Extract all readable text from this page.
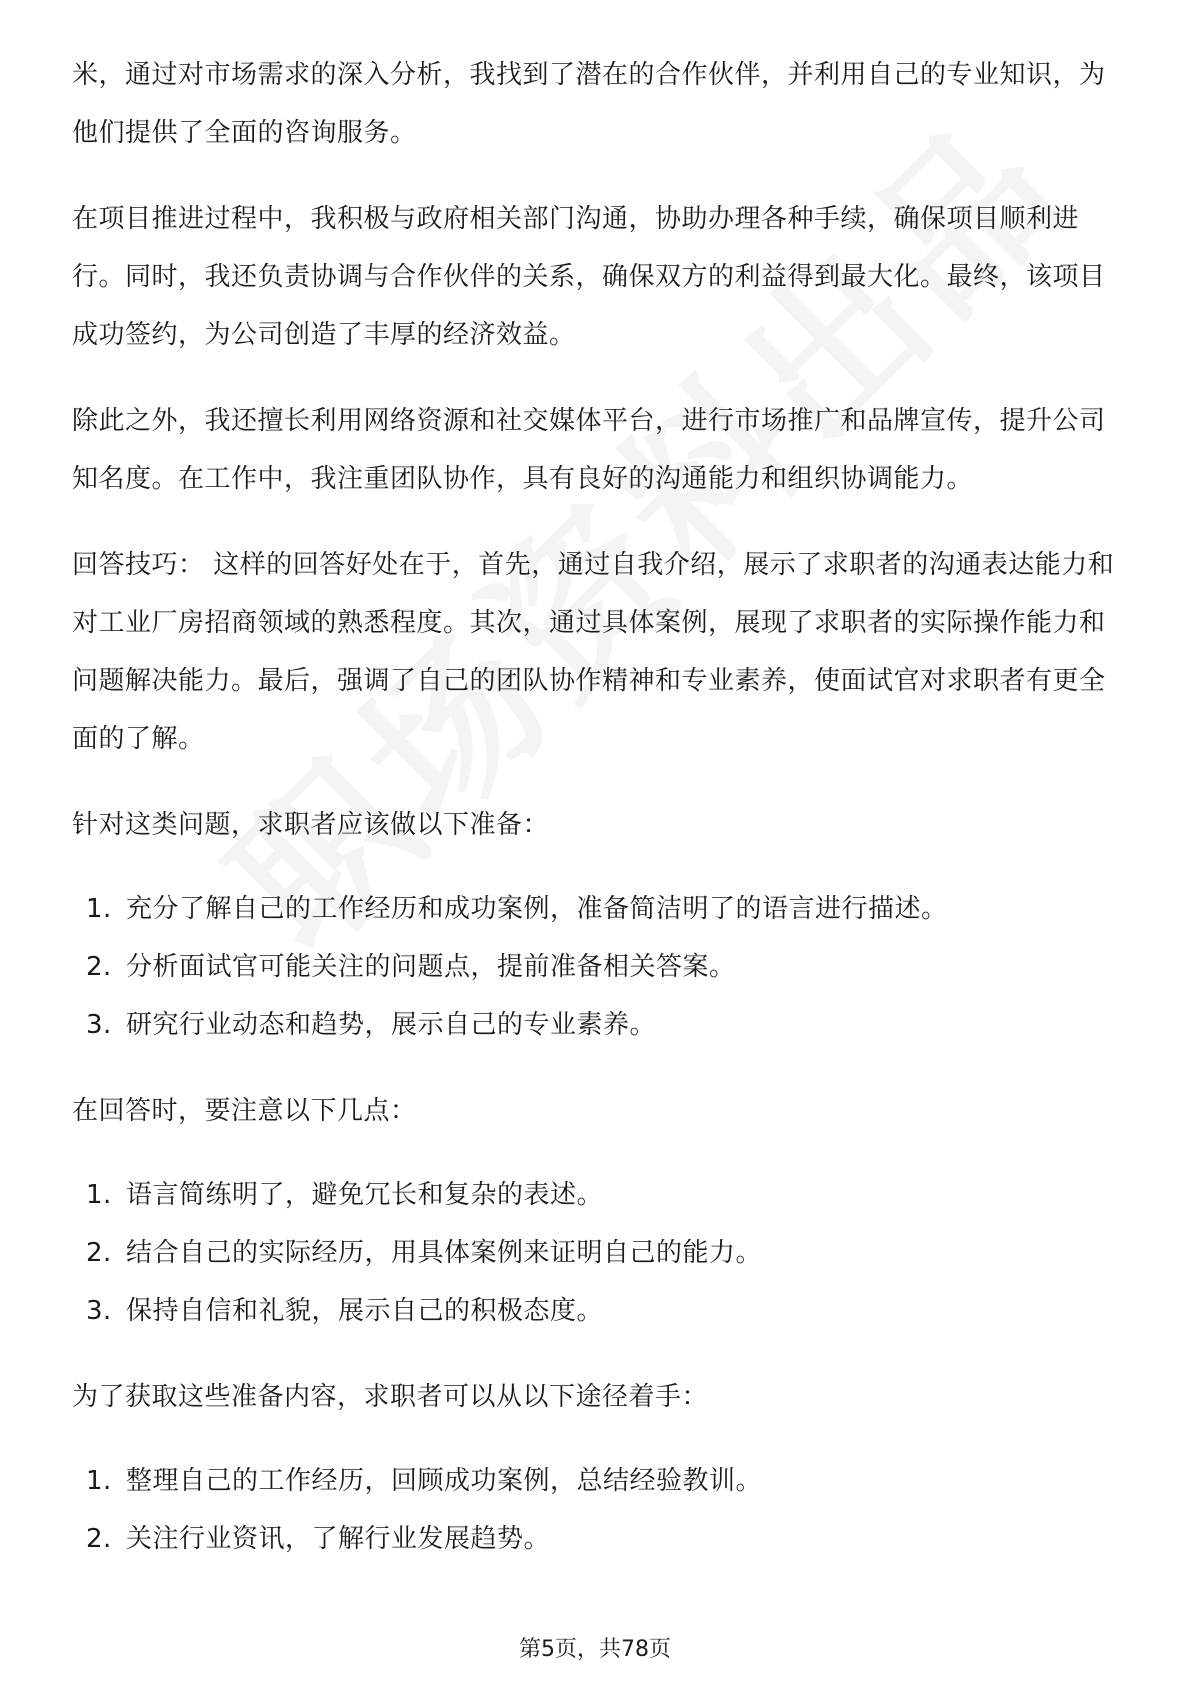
米，通过对市场需求的深入分析，我找到了潜在的合作伙伴，并利用自己的专业知识，为他们提供了全面的咨询服务。

在项目推进过程中，我积极与政府相关部门沟通，协助办理各种手续，确保项目顺利进行。同时，我还负责协调与合作伙伴的关系，确保双方的利益得到最大化。最终，该项目成功签约，为公司创造了丰厚的经济效益。

除此之外，我还擅长利用网络资源和社交媒体平台，进行市场推广和品牌宣传，提升公司知名度。在工作中，我注重团队协作，具有良好的沟通能力和组织协调能力。

回答技巧： 这样的回答好处在于，首先，通过自我介绍，展示了求职者的沟通表达能力和对工业厂房招商领域的熟悉程度。其次，通过具体案例，展现了求职者的实际操作能力和问题解决能力。最后，强调了自己的团队协作精神和专业素养，使面试官对求职者有更全面的了解。

针对这类问题，求职者应该做以下准备：

1. 充分了解自己的工作经历和成功案例，准备简洁明了的语言进行描述。
2. 分析面试官可能关注的问题点，提前准备相关答案。
3. 研究行业动态和趋势，展示自己的专业素养。

在回答时，要注意以下几点：

1. 语言简练明了，避免冗长和复杂的表述。
2. 结合自己的实际经历，用具体案例来证明自己的能力。
3. 保持自信和礼貌，展示自己的积极态度。

为了获取这些准备内容，求职者可以从以下途径着手：

1. 整理自己的工作经历，回顾成功案例，总结经验教训。
2. 关注行业资讯，了解行业发展趋势。
第5页，共78页
